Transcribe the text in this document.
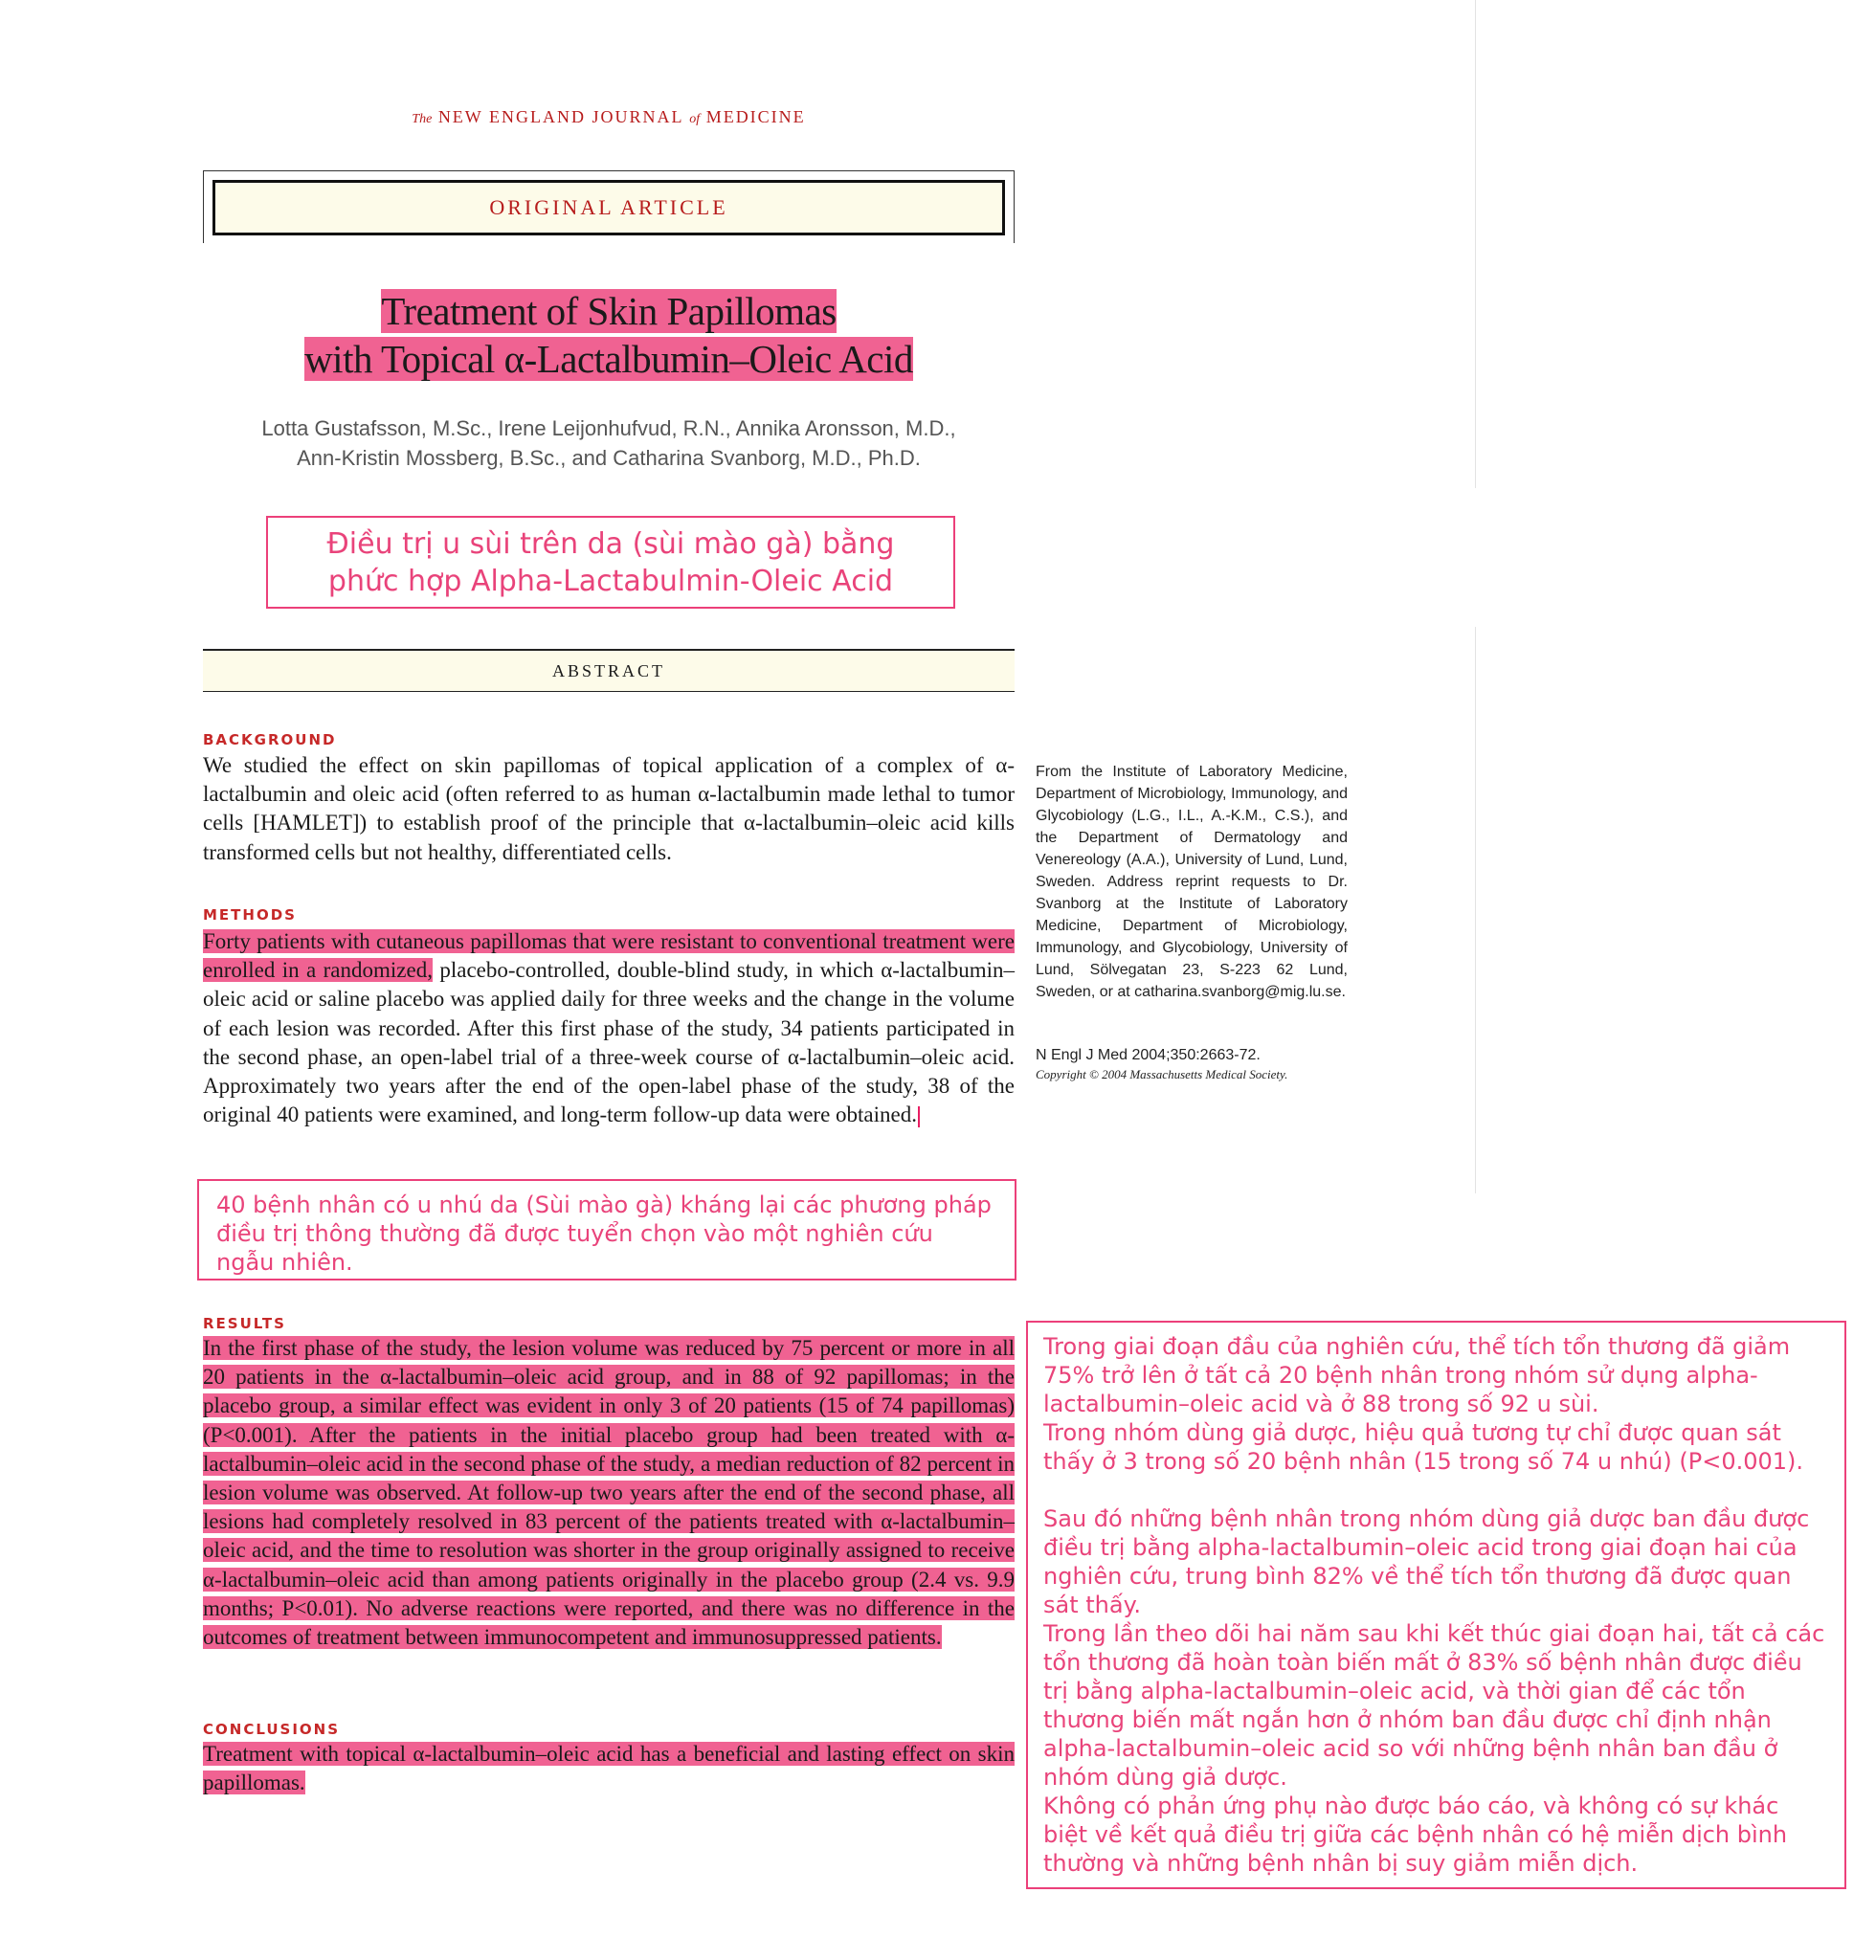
The NEW ENGLAND JOURNAL of MEDICINE
ORIGINAL ARTICLE
Treatment of Skin Papillomas
with Topical α-Lactalbumin–Oleic Acid
Lotta Gustafsson, M.Sc., Irene Leijonhufvud, R.N., Annika Aronsson, M.D.,
Ann-Kristin Mossberg, B.Sc., and Catharina Svanborg, M.D., Ph.D.
Điều trị u sùi trên da (sùi mào gà) bằng
phức hợp Alpha-Lactabulmin-Oleic Acid
ABSTRACT
BACKGROUND
We studied the effect on skin papillomas of topical application of a complex of α-lactalbumin and oleic acid (often referred to as human α-lactalbumin made lethal to tumor cells [HAMLET]) to establish proof of the principle that α-lactalbumin–oleic acid kills transformed cells but not healthy, differentiated cells.
METHODS
Forty patients with cutaneous papillomas that were resistant to conventional treatment were enrolled in a randomized, placebo-controlled, double-blind study, in which α-lactalbumin–oleic acid or saline placebo was applied daily for three weeks and the change in the volume of each lesion was recorded. After this first phase of the study, 34 patients participated in the second phase, an open-label trial of a three-week course of α-lactalbumin–oleic acid. Approximately two years after the end of the open-label phase of the study, 38 of the original 40 patients were examined, and long-term follow-up data were obtained.
From the Institute of Laboratory Medicine, Department of Microbiology, Immunology, and Glycobiology (L.G., I.L., A.-K.M., C.S.), and the Department of Dermatology and Venereology (A.A.), University of Lund, Lund, Sweden. Address reprint requests to Dr. Svanborg at the Institute of Laboratory Medicine, Department of Microbiology, Immunology, and Glycobiology, University of Lund, Sölvegatan 23, S-223 62 Lund, Sweden, or at catharina.svanborg@mig.lu.se.
N Engl J Med 2004;350:2663-72.
Copyright © 2004 Massachusetts Medical Society.
40 bệnh nhân có u nhú da (Sùi mào gà) kháng lại các phương pháp điều trị thông thường đã được tuyển chọn vào một nghiên cứu ngẫu nhiên.
RESULTS
In the first phase of the study, the lesion volume was reduced by 75 percent or more in all 20 patients in the α-lactalbumin–oleic acid group, and in 88 of 92 papillomas; in the placebo group, a similar effect was evident in only 3 of 20 patients (15 of 74 papillomas) (P<0.001). After the patients in the initial placebo group had been treated with α-lactalbumin–oleic acid in the second phase of the study, a median reduction of 82 percent in lesion volume was observed. At follow-up two years after the end of the second phase, all lesions had completely resolved in 83 percent of the patients treated with α-lactalbumin–oleic acid, and the time to resolution was shorter in the group originally assigned to receive α-lactalbumin–oleic acid than among patients originally in the placebo group (2.4 vs. 9.9 months; P<0.01). No adverse reactions were reported, and there was no difference in the outcomes of treatment between immunocompetent and immunosuppressed patients.
CONCLUSIONS
Treatment with topical α-lactalbumin–oleic acid has a beneficial and lasting effect on skin papillomas.

Trong giai đoạn đầu của nghiên cứu, thể tích tổn thương đã giảm 75% trở lên ở tất cả 20 bệnh nhân trong nhóm sử dụng alpha-lactalbumin–oleic acid và ở 88 trong số 92 u sùi.

Trong nhóm dùng giả dược, hiệu quả tương tự chỉ được quan sát thấy ở 3 trong số 20 bệnh nhân (15 trong số 74 u nhú) (P<0.001).

Sau đó những bệnh nhân trong nhóm dùng giả dược ban đầu được điều trị bằng alpha-lactalbumin–oleic acid trong giai đoạn hai của nghiên cứu, trung bình 82% về thể tích tổn thương đã được quan sát thấy.

Trong lần theo dõi hai năm sau khi kết thúc giai đoạn hai, tất cả các tổn thương đã hoàn toàn biến mất ở 83% số bệnh nhân được điều trị bằng alpha-lactalbumin–oleic acid, và thời gian để các tổn thương biến mất ngắn hơn ở nhóm ban đầu được chỉ định nhận alpha-lactalbumin–oleic acid so với những bệnh nhân ban đầu ở nhóm dùng giả dược.

Không có phản ứng phụ nào được báo cáo, và không có sự khác biệt về kết quả điều trị giữa các bệnh nhân có hệ miễn dịch bình thường và những bệnh nhân bị suy giảm miễn dịch.
